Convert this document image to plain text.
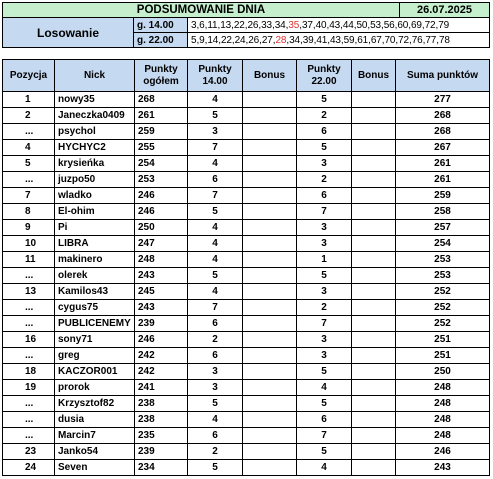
PODSUMOWANIE DNIA			26.07.2025
Losowanie	g. 14.00	3,6,11,13,22,26,33,34,35,37,40,43,44,50,53,56,60,69,72,79	
	g. 22.00	5,9,14,22,24,26,27,28,34,39,41,43,59,61,67,70,72,76,77,78	
Pozycja	Nick	Punkty ogółem	Punkty 14.00	Bonus	Punkty 22.00	Bonus	Suma punktów
1	nowy35	268	4		5		277
2	Janeczka0409	261	5		2		268
...	psychol	259	3		6		268
4	HYCHYC2	255	7		5		267
5	krysieńka	254	4		3		261
...	juzpo50	253	6		2		261
7	wladko	246	7		6		259
8	El-ohim	246	5		7		258
9	Pi	250	4		3		257
10	LIBRA	247	4		3		254
11	makinero	248	4		1		253
...	olerek	243	5		5		253
13	Kamilos43	245	4		3		252
...	cygus75	243	7		2		252
...	PUBLICENEMY	239	6		7		252
16	sony71	246	2		3		251
...	greg	242	6		3		251
18	KACZOR001	242	3		5		250
19	prorok	241	3		4		248
...	Krzysztof82	238	5		5		248
...	dusia	238	4		6		248
...	Marcin7	235	6		7		248
23	Janko54	239	2		5		246
24	Seven	234	5		4		243
